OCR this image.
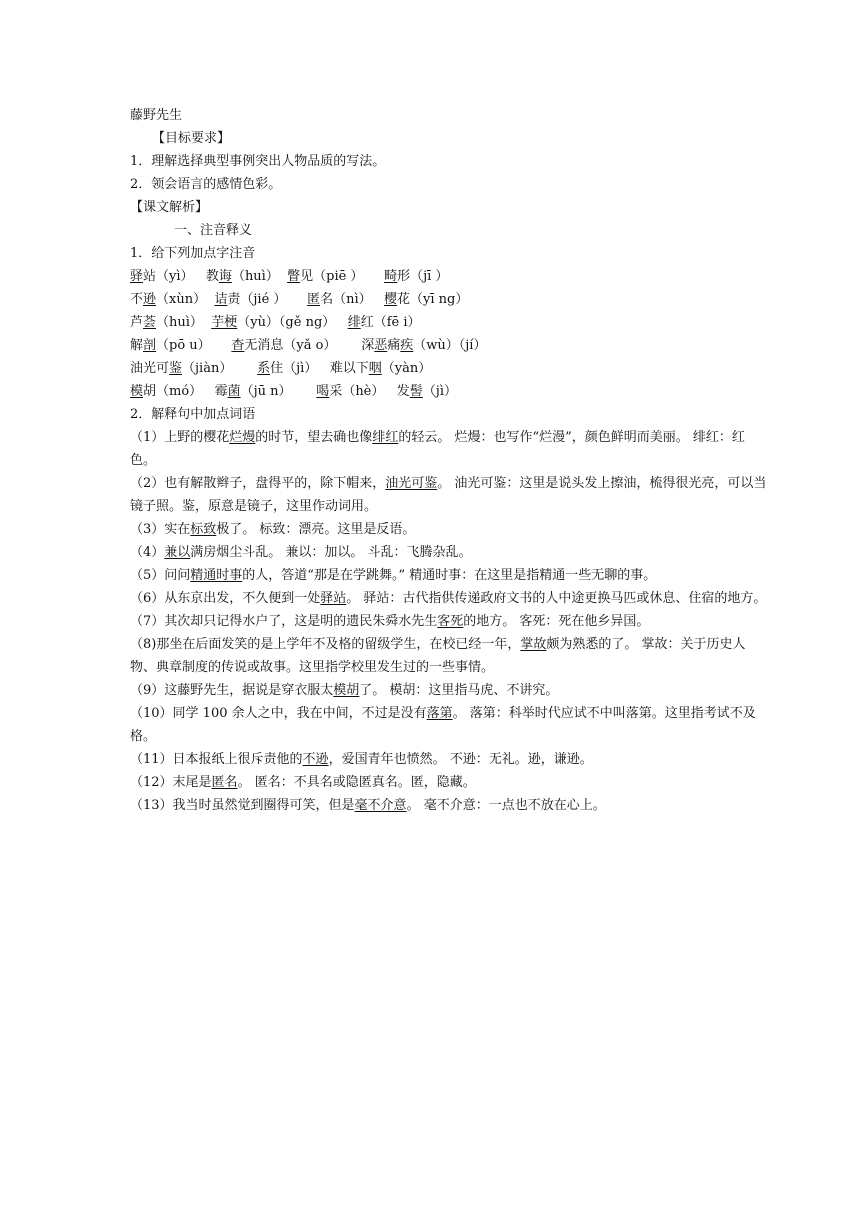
藤野先生
【目标要求】
1．理解选择典型事例突出人物品质的写法。
2．领会语言的感情色彩。
【课文解析】
一、注音释义
1．给下列加点字注音
驿站（yì）   教诲（huì）  瞥见（piē ）     畸形（jī ）
不逊（xùn）  诘责（jié ）     匿名（nì）   樱花（yī ng）
芦荟（huì）  芋梗（yù）（gě ng）   绯红（fē i）
解剖（pō u）     杳无消息（yǎ o）      深恶痛疾（wù）（jí）
油光可鉴（jiàn）      系住（jì）   难以下咽（yàn）
模胡（mó）   霉菌（jū n）      喝采（hè）   发髻（jì）
2．解释句中加点词语
（1）上野的樱花烂熳的时节，望去确也像绯红的轻云。 烂熳：也写作“烂漫”，颜色鲜明而美丽。 绯红：红色。
（2）也有解散辫子，盘得平的，除下帽来，油光可鉴。 油光可鉴：这里是说头发上擦油，梳得很光亮，可以当镜子照。鉴，原意是镜子，这里作动词用。
（3）实在标致极了。 标致：漂亮。这里是反语。
（4）兼以满房烟尘斗乱。 兼以：加以。 斗乱：飞腾杂乱。
（5）问问精通时事的人，答道“那是在学跳舞。” 精通时事：在这里是指精通一些无聊的事。
（6）从东京出发，不久便到一处驿站。 驿站：古代指供传递政府文书的人中途更换马匹或休息、住宿的地方。
（7）其次却只记得水户了，这是明的遗民朱舜水先生客死的地方。 客死：死在他乡异国。
（8)那坐在后面发笑的是上学年不及格的留级学生，在校已经一年，掌故颇为熟悉的了。 掌故：关于历史人物、典章制度的传说或故事。这里指学校里发生过的一些事情。
（9）这藤野先生，据说是穿衣服太模胡了。 模胡：这里指马虎、不讲究。
（10）同学 100 余人之中，我在中间，不过是没有落第。 落第：科举时代应试不中叫落第。这里指考试不及格。
（11）日本报纸上很斥责他的不逊，爱国青年也愤然。 不逊：无礼。逊，谦逊。
（12）末尾是匿名。 匿名：不具名或隐匿真名。匿，隐藏。
（13）我当时虽然觉到圈得可笑，但是毫不介意。 毫不介意：一点也不放在心上。
